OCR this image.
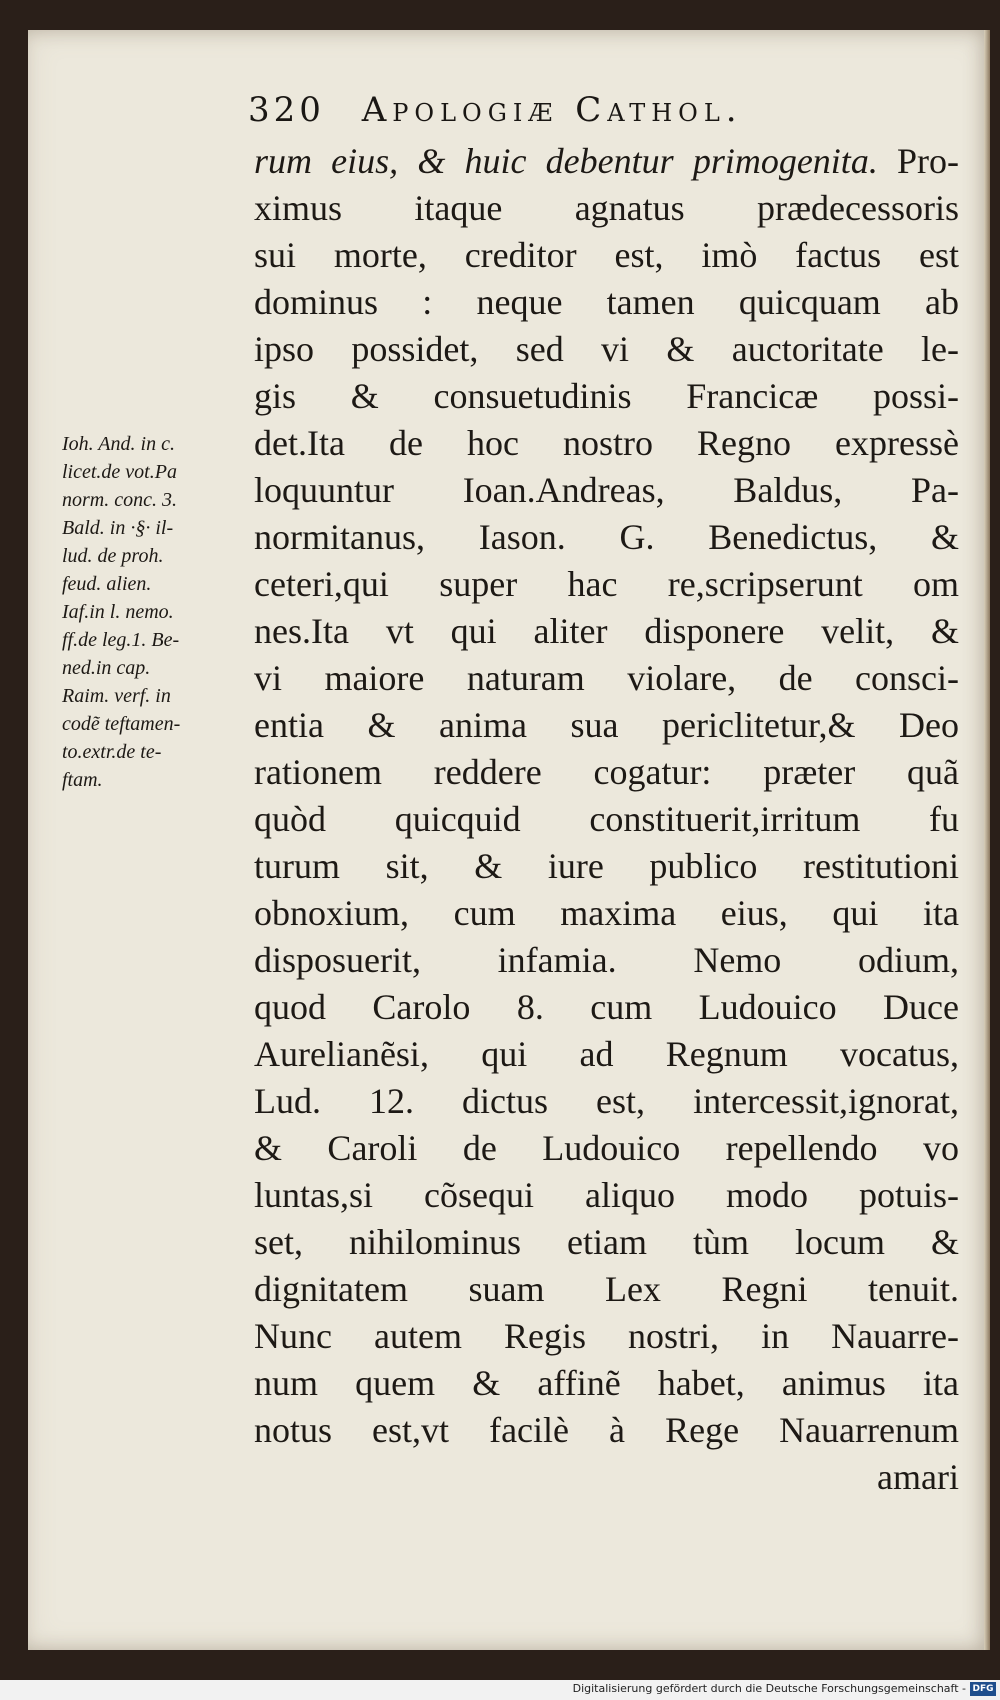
320 Apologiæ Cathol.
Ioh. And. in c.
licet.de vot.Pa
norm. conc. 3.
Bald. in ·§· il-
lud. de proh.
feud. alien.
Iaf.in l. nemo.
ff.de leg.1. Be-
ned.in cap.
Raim. verf. in
codẽ teftamen-
to.extr.de te-
ftam.
rum eius, & huic debentur primogenita. Pro-
ximus itaque agnatus prædecessoris
sui morte, creditor est, imò factus est
dominus : neque tamen quicquam ab
ipso possidet, sed vi & auctoritate le-
gis & consuetudinis Francicæ possi-
det.Ita de hoc nostro Regno expressè
loquuntur Ioan.Andreas, Baldus, Pa-
normitanus, Iason. G. Benedictus, &
ceteri,qui super hac re,scripserunt om
nes.Ita vt qui aliter disponere velit, &
vi maiore naturam violare, de consci-
entia & anima sua periclitetur,& Deo
rationem reddere cogatur: præter quã
quòd quicquid constituerit,irritum fu
turum sit, & iure publico restitutioni
obnoxium, cum maxima eius, qui ita
disposuerit, infamia. Nemo odium,
quod Carolo 8. cum Ludouico Duce
Aurelianẽsi, qui ad Regnum vocatus,
Lud. 12. dictus est, intercessit,ignorat,
& Caroli de Ludouico repellendo vo
luntas,si cõsequi aliquo modo potuis-
set, nihilominus etiam tùm locum &
dignitatem suam Lex Regni tenuit.
Nunc autem Regis nostri, in Nauarre-
num quem & affinẽ habet, animus ita
notus est,vt facilè à Rege Nauarrenum
amari
Digitalisierung gefördert durch die Deutsche Forschungsgemeinschaft - DFG
